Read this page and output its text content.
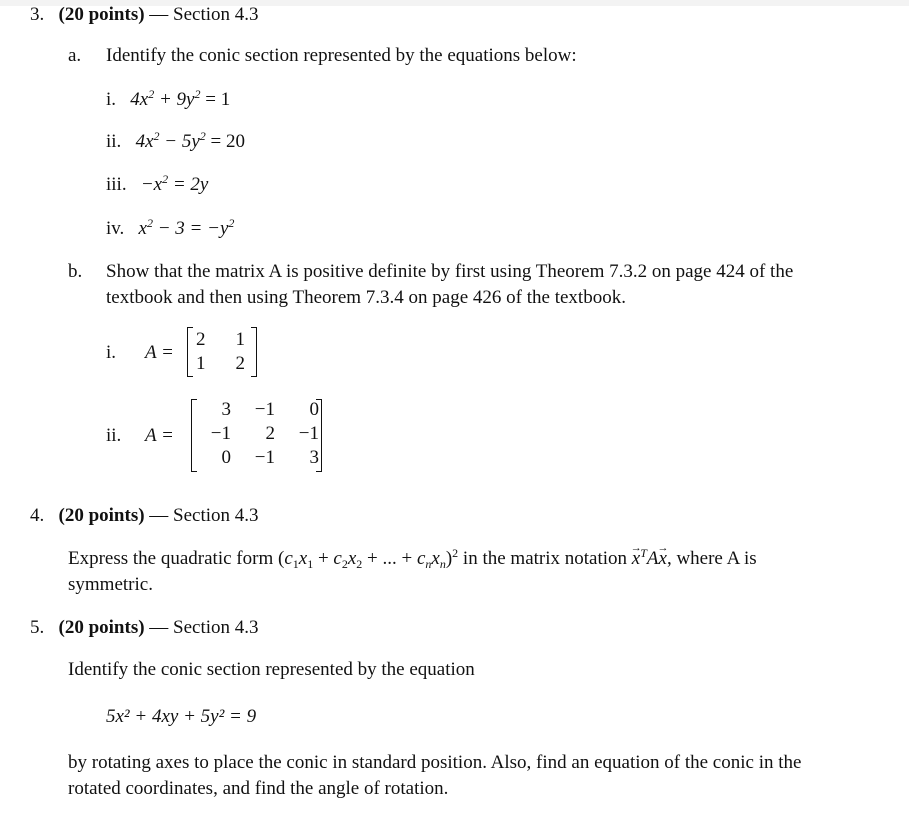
3. (20 points) — Section 4.3
a. Identify the conic section represented by the equations below:
i. $4x^2 + 9y^2 = 1$
ii. $4x^2 - 5y^2 = 20$
iii. $-x^2 = 2y$
iv. $x^2 - 3 = -y^2$
b. Show that the matrix A is positive definite by first using Theorem 7.3.2 on page 424 of the
textbook and then using Theorem 7.3.4 on page 426 of the textbook.
i. A =
2	1
1	2
ii. A =
3	−1	0
−1	2	−1
0	−1	3
4. (20 points) — Section 4.3
Express the quadratic form ($c_1x_1 + c_2x_2$ + ... + $c_nx_n)^2$ in the matrix notation x →$^T$Ax →, where A is
symmetric.
5. (20 points) — Section 4.3
Identify the conic section represented by the equation
5x² + 4xy + 5y² = 9
by rotating axes to place the conic in standard position. Also, find an equation of the conic in the
rotated coordinates, and find the angle of rotation.
